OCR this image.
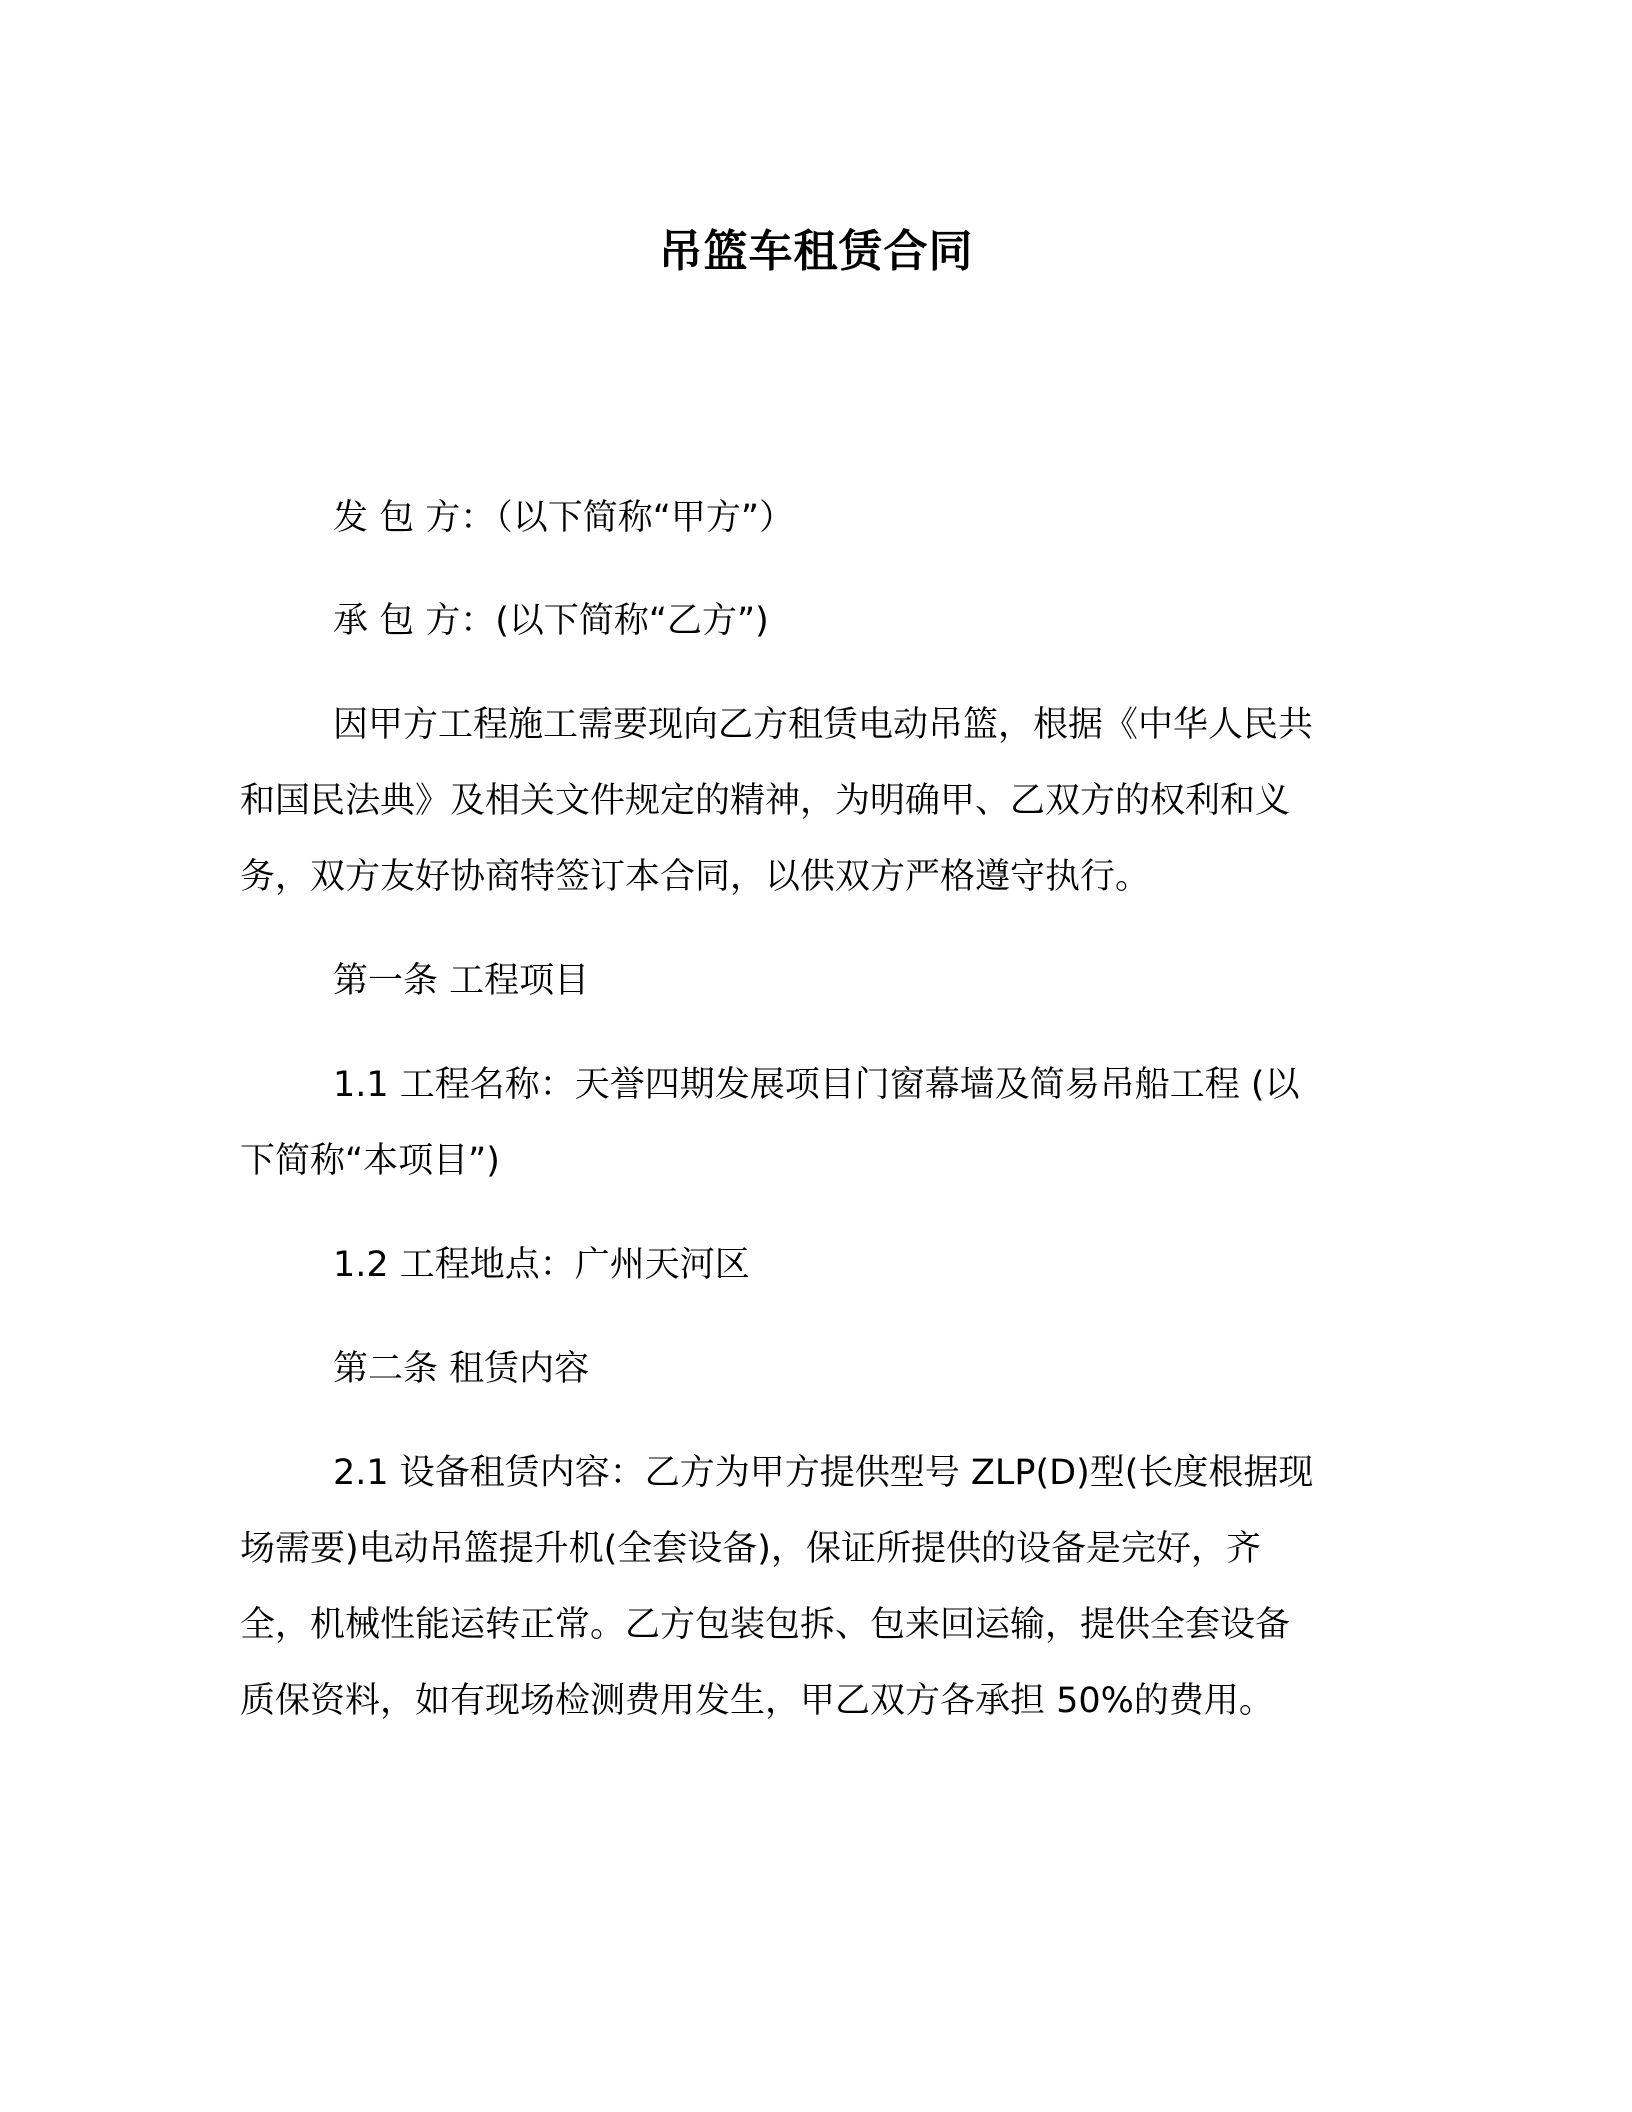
吊篮车租赁合同
发 包 方：（以下简称“甲方”）
承 包 方：(以下简称“乙方”)
因甲方工程施工需要现向乙方租赁电动吊篮，根据《中华人民共
和国民法典》及相关文件规定的精神，为明确甲、乙双方的权利和义
务，双方友好协商特签订本合同，以供双方严格遵守执行。
第一条 工程项目
1.1 工程名称：天誉四期发展项目门窗幕墙及简易吊船工程 (以
下简称“本项目”)
1.2 工程地点：广州天河区
第二条 租赁内容
2.1 设备租赁内容：乙方为甲方提供型号 ZLP(D)型(长度根据现
场需要)电动吊篮提升机(全套设备)，保证所提供的设备是完好，齐
全，机械性能运转正常。乙方包装包拆、包来回运输，提供全套设备
质保资料，如有现场检测费用发生，甲乙双方各承担 50%的费用。
